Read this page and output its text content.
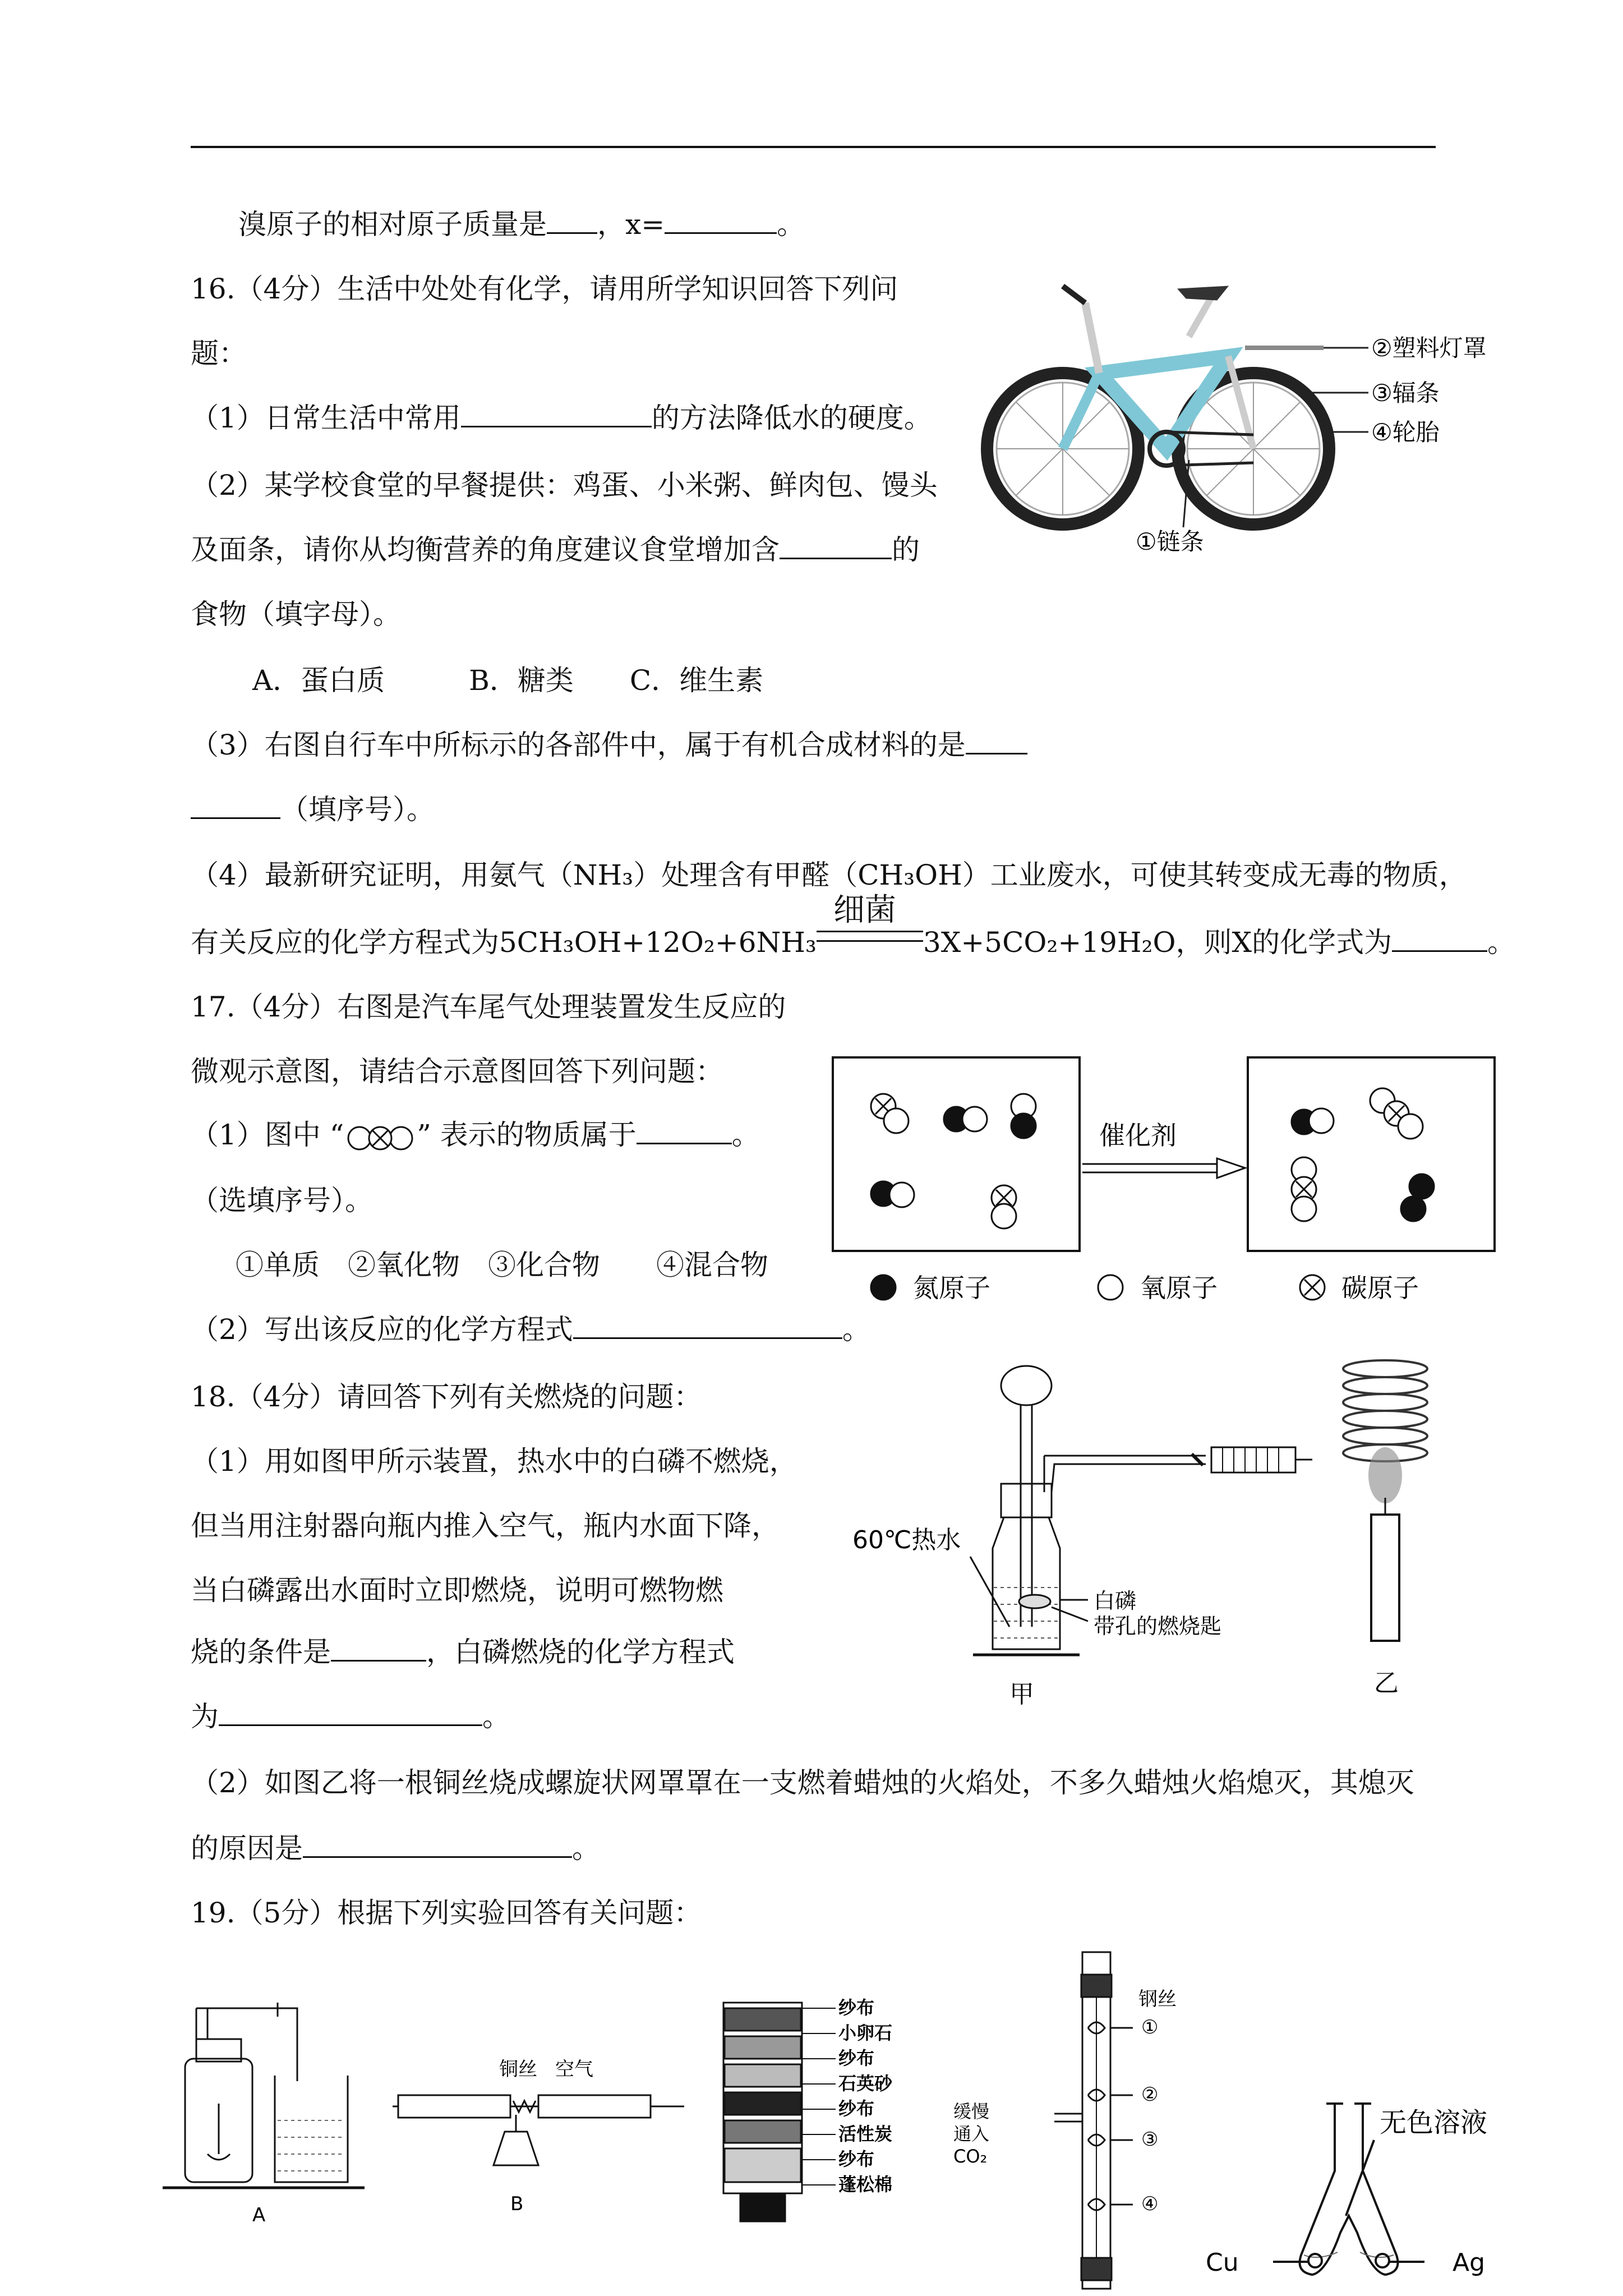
溴原子的相对原子质量是 ，x=	。
16.（4分）生活中处处有化学，请用所学知识回答下列问
题：
（1）日常生活中常用	的方法降低水的硬度。
（2）某学校食堂的早餐提供：鸡蛋、小米粥、鲜肉包、馒头
及面条，请你从均衡营养的角度建议食堂增加含	的
食物（填字母）。
A．蛋白质　　　B．糖类　　C．维生素
（3）右图自行车中所标示的各部件中，属于有机合成材料的是
（填序号）。
（4）最新研究证明，用氨气（NH₃）处理含有甲醛（CH₃OH）工业废水，可使其转变成无毒的物质，
有关反应的化学方程式为5CH₃OH+12O₂+6NH₃
细菌
3X+5CO₂+19H₂O，则X的化学式为	。
②塑料灯罩
③辐条
④轮胎
①链条
17.（4分）右图是汽车尾气处理装置发生反应的
微观示意图，请结合示意图回答下列问题：
（1）图中 “	” 表示的物质属于	。
（选填序号）。
①单质　②氧化物　③化合物　　④混合物
（2）写出该反应的化学方程式	。
催化剂
氮原子	氧原子	碳原子
18.（4分）请回答下列有关燃烧的问题：
（1）用如图甲所示装置，热水中的白磷不燃烧，
但当用注射器向瓶内推入空气，瓶内水面下降，
当白磷露出水面时立即燃烧，说明可燃物燃
烧的条件是	，白磷燃烧的化学方程式
为	。
（2）如图乙将一根铜丝烧成螺旋状网罩罩在一支燃着蜡烛的火焰处，不多久蜡烛火焰熄灭，其熄灭
的原因是	。
19.（5分）根据下列实验回答有关问题：
60℃热水
白磷
带孔的燃烧匙
甲	乙
A
铜丝 空气
B
纱布
小卵石
纱布
石英砂
纱布
活性炭
纱布
蓬松棉
①
②
③
④
钢丝
缓慢
通入
CO₂
无色溶液
Cu	Ag
